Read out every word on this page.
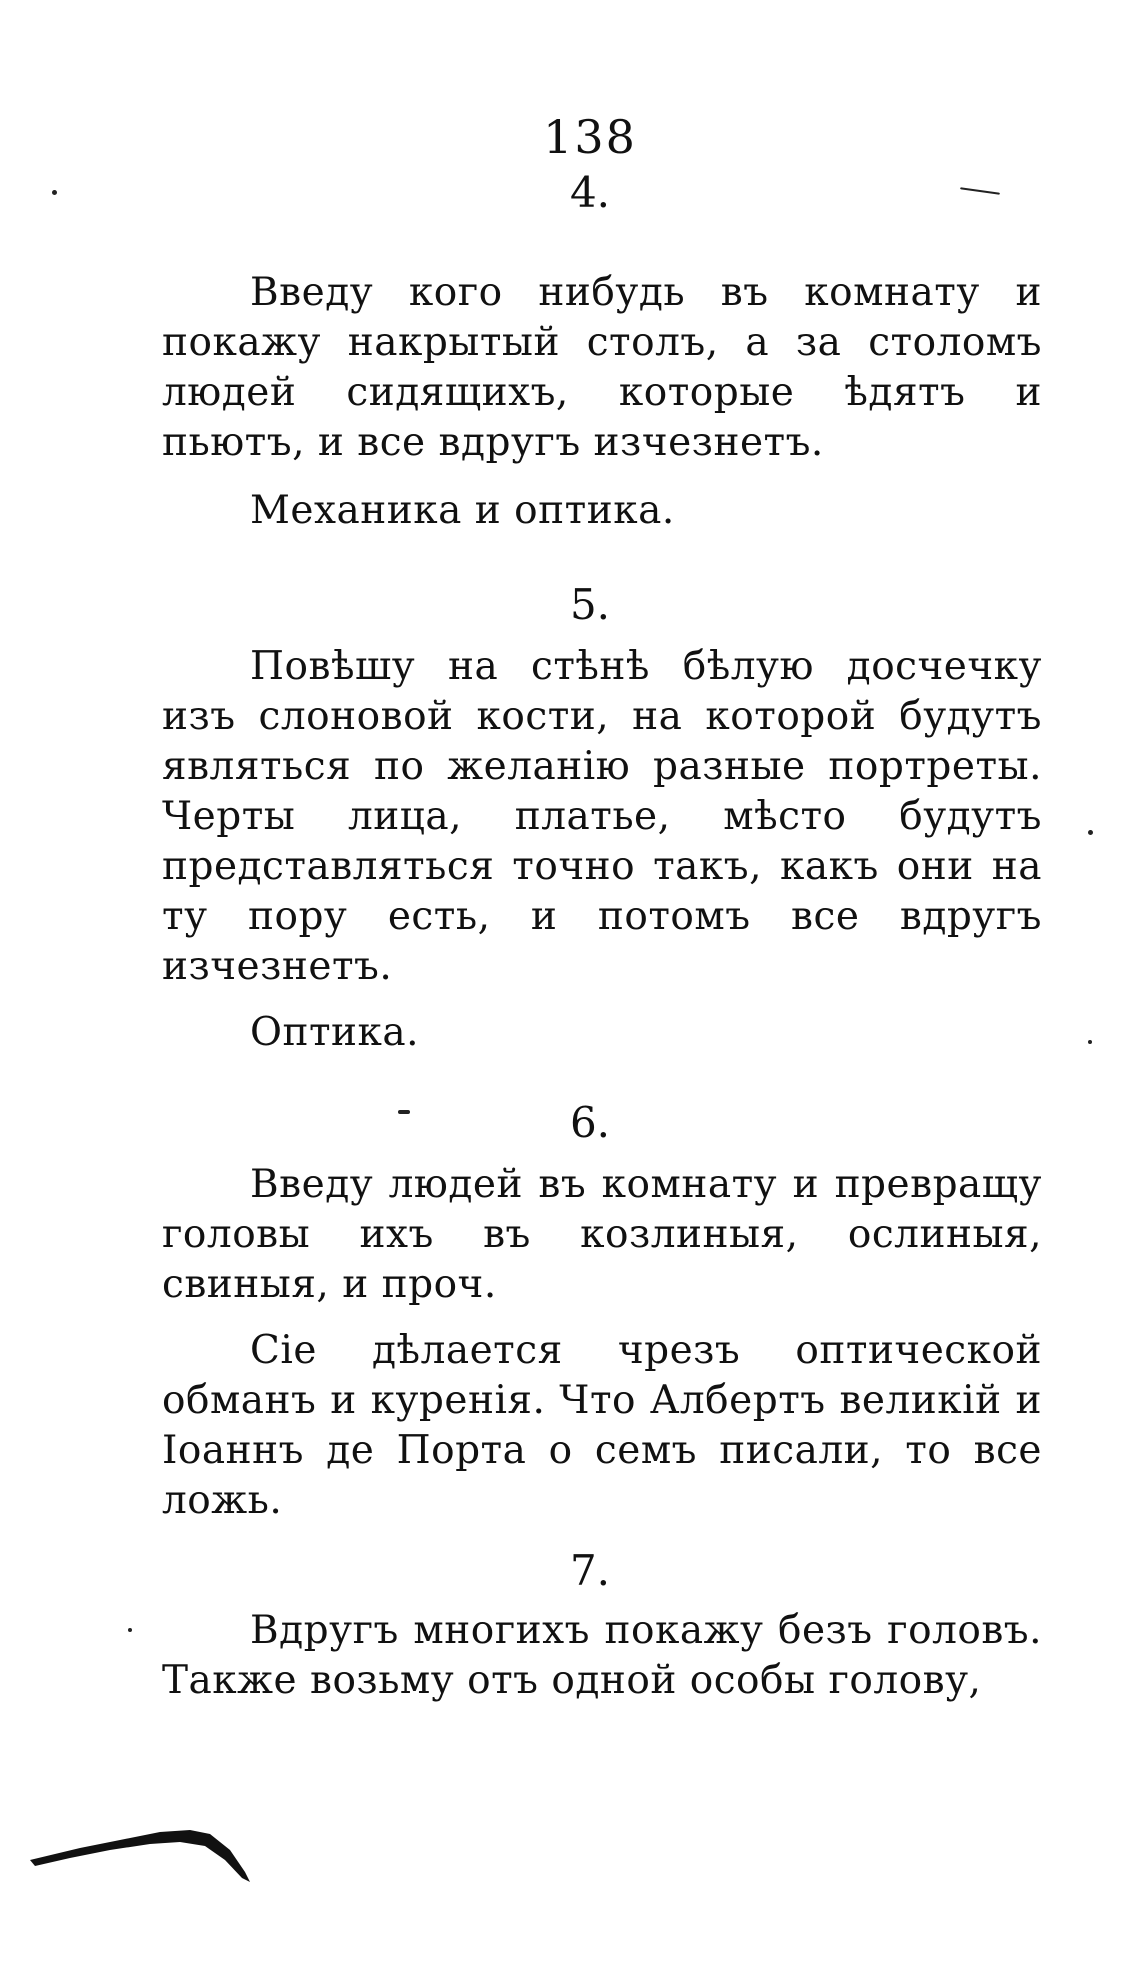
138
4.

Введу кого нибудь въ комнату и покажу накрытый столъ, а за столомъ людей сидящихъ, которые ѣдятъ и пьютъ, и все вдругъ изчезнетъ.

Механика и оптика.

5.

Повѣшу на стѣнѣ бѣлую досчечку изъ слоновой кости, на которой будутъ являться по желанію разные портреты. Черты лица, платье, мѣсто будутъ представляться точно такъ, какъ они на ту пору есть, и потомъ все вдругъ изчезнетъ.

Оптика.

6.

Введу людей въ комнату и превращу головы ихъ въ козлиныя, ослиныя, свиныя, и проч.

Сіе дѣлается чрезъ оптической обманъ и куренія. Что Албертъ великій и Іоаннъ де Порта о семъ писали, то все ложь.

7.

Вдругъ многихъ покажу безъ головъ. Также возьму отъ одной особы голову,
